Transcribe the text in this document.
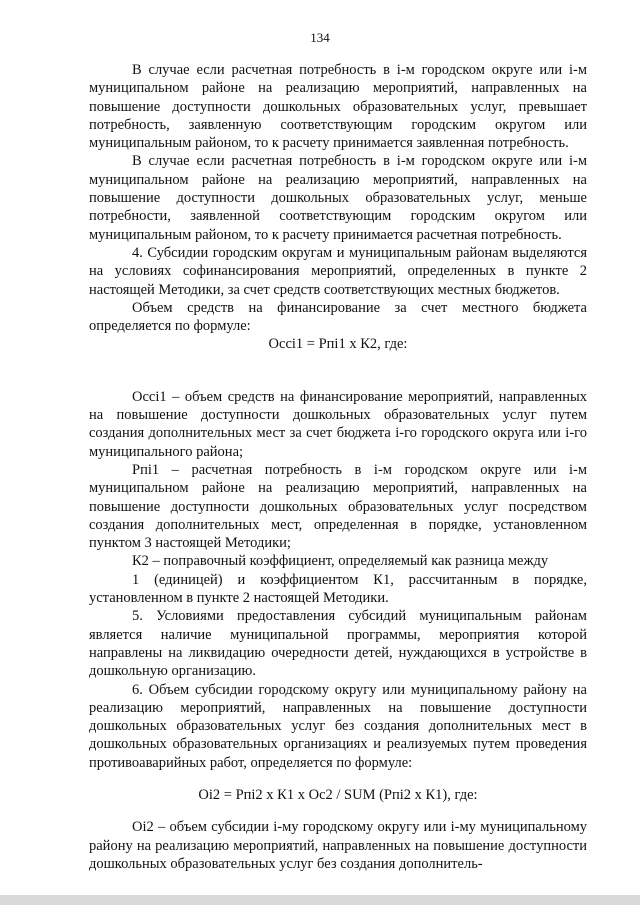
134

В случае если расчетная потребность в i-м городском округе или i-м муниципальном районе на реализацию мероприятий, направленных на повышение доступности дошкольных образовательных услуг, превышает потребность, заявленную соответствующим городским округом или муниципальным районом, то к расчету принимается заявленная потребность.

В случае если расчетная потребность в i-м городском округе или i-м муниципальном районе на реализацию мероприятий, направленных на повышение доступности дошкольных образовательных услуг, меньше потребности, заявленной соответствующим городским округом или муниципальным районом, то к расчету принимается расчетная потребность.

4. Субсидии городским округам и муниципальным районам выделяются на условиях софинансирования мероприятий, определенных в пункте 2 настоящей Методики, за счет средств соответствующих местных бюджетов.

Объем средств на финансирование за счет местного бюджета определяется по формуле:

Осci1 = Pпi1 x К2, где:

Осci1 – объем средств на финансирование мероприятий, направленных на повышение доступности дошкольных образовательных услуг путем создания дополнительных мест за счет бюджета i-го городского округа или i-го муниципального района;

Pпi1 – расчетная потребность в i-м городском округе или i-м муниципальном районе на реализацию мероприятий, направленных на повышение доступности дошкольных образовательных услуг посредством создания дополнительных мест, определенная в порядке, установленном пунктом 3 настоящей Методики;

К2 – поправочный коэффициент, определяемый как разница между

1 (единицей) и коэффициентом К1, рассчитанным в порядке, установленном в пункте 2 настоящей Методики.

5. Условиями предоставления субсидий муниципальным районам является наличие муниципальной программы, мероприятия которой направлены на ликвидацию очередности детей, нуждающихся в устройстве в дошкольную организацию.

6. Объем субсидии городскому округу или муниципальному району на реализацию мероприятий, направленных на повышение доступности дошкольных образовательных услуг без создания дополнительных мест в дошкольных образовательных организациях и реализуемых путем проведения противоаварийных работ, определяется по формуле:

Оi2 = Pпi2 x К1 x Ос2 / SUM (Pпi2 x К1), где:

Оi2 – объем субсидии i-му городскому округу или i-му муниципальному району на реализацию мероприятий, направленных на повышение доступности дошкольных образовательных услуг без создания дополнитель-
